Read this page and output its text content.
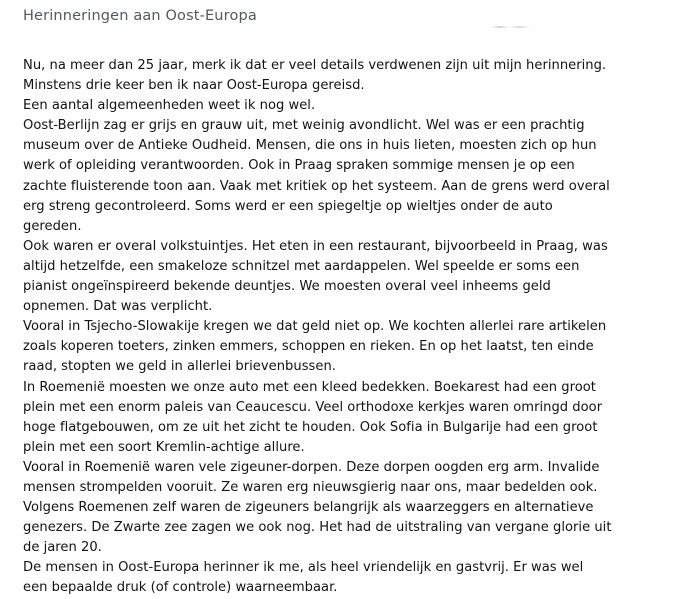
Herinneringen aan Oost-Europa

Nu, na meer dan 25 jaar, merk ik dat er veel details verdwenen zijn uit mijn herinnering.
Minstens drie keer ben ik naar Oost-Europa gereisd.
Een aantal algemeenheden weet ik nog wel.

Oost-Berlijn zag er grijs en grauw uit, met weinig avondlicht. Wel was er een prachtig
museum over de Antieke Oudheid. Mensen, die ons in huis lieten, moesten zich op hun
werk of opleiding verantwoorden. Ook in Praag spraken sommige mensen je op een
zachte fluisterende toon aan. Vaak met kritiek op het systeem. Aan de grens werd overal
erg streng gecontroleerd. Soms werd er een spiegeltje op wieltjes onder de auto
gereden.

Ook waren er overal volkstuintjes. Het eten in een restaurant, bijvoorbeeld in Praag, was
altijd hetzelfde, een smakeloze schnitzel met aardappelen. Wel speelde er soms een
pianist ongeïnspireerd bekende deuntjes. We moesten overal veel inheems geld
opnemen. Dat was verplicht.

Vooral in Tsjecho-Slowakije kregen we dat geld niet op. We kochten allerlei rare artikelen
zoals koperen toeters, zinken emmers, schoppen en rieken. En op het laatst, ten einde
raad, stopten we geld in allerlei brievenbussen.

In Roemenië moesten we onze auto met een kleed bedekken. Boekarest had een groot
plein met een enorm paleis van Ceaucescu. Veel orthodoxe kerkjes waren omringd door
hoge flatgebouwen, om ze uit het zicht te houden. Ook Sofia in Bulgarije had een groot
plein met een soort Kremlin-achtige allure.

Vooral in Roemenië waren vele zigeuner-dorpen. Deze dorpen oogden erg arm. Invalide
mensen strompelden vooruit. Ze waren erg nieuwsgierig naar ons, maar bedelden ook.
Volgens Roemenen zelf waren de zigeuners belangrijk als waarzeggers en alternatieve
genezers. De Zwarte zee zagen we ook nog. Het had de uitstraling van vergane glorie uit
de jaren 20.

De mensen in Oost-Europa herinner ik me, als heel vriendelijk en gastvrij. Er was wel
een bepaalde druk (of controle) waarneembaar.
